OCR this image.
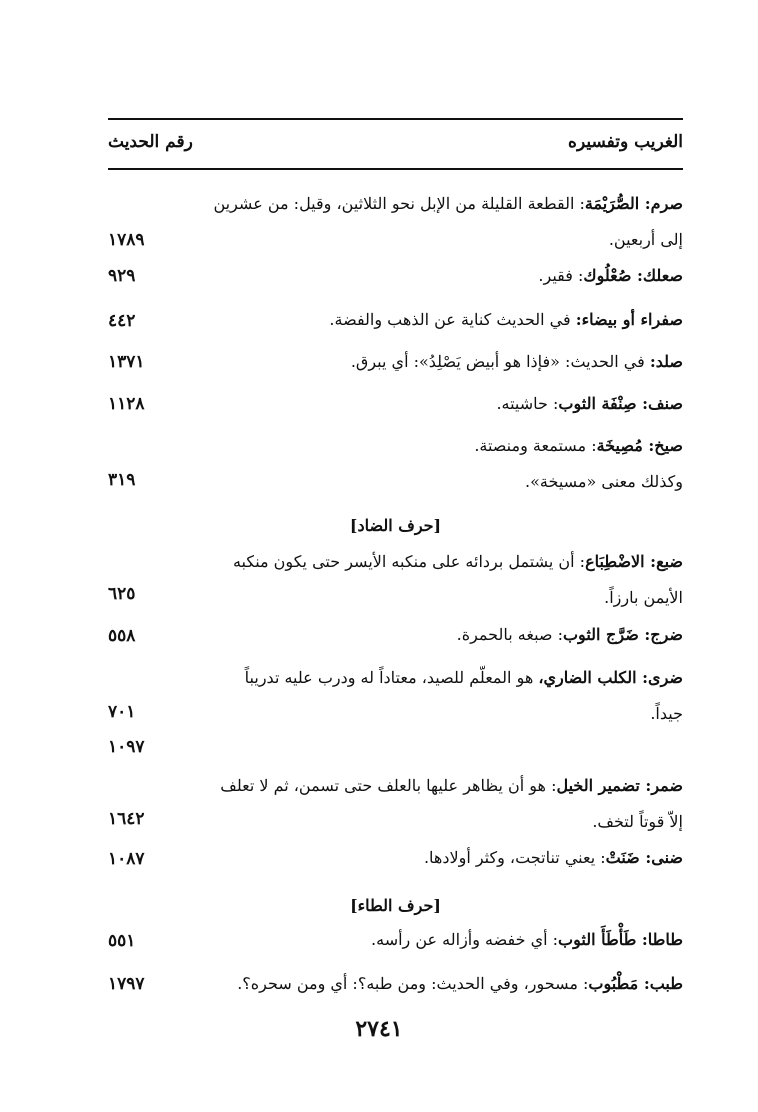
الغريب وتفسيره
رقم الحديث
صرم: الصُّرَيْمَة: القطعة القليلة من الإبل نحو الثلاثين، وقيل: من عشرين
إلى أربعين.
١٧٨٩
صعلك: صُعْلُوك: فقير.
٩٢٩
صفراء أو بيضاء: في الحديث كناية عن الذهب والفضة.
٤٤٢
صلد: في الحديث: «فإذا هو أبيض يَصْلِدُ»: أي يبرق.
١٣٧١
صنف: صِنْفَة الثوب: حاشيته.
١١٢٨
صيخ: مُصِيخَة: مستمعة ومنصتة.
وكذلك معنى «مسيخة».
٣١٩
[حرف الضاد]
ضبع: الاضْطِبَاع: أن يشتمل بردائه على منكبه الأيسر حتى يكون منكبه
الأيمن بارزاً.
٦٢٥
ضرج: ضَرَّج الثوب: صبغه بالحمرة.
٥٥٨
ضرى: الكلب الضاري، هو المعلّم للصيد، معتاداً له ودرب عليه تدريباً
جيداً.
٧٠١
١٠٩٧
ضمر: تضمير الخيل: هو أن يظاهر عليها بالعلف حتى تسمن، ثم لا تعلف
إلاّ قوتاً لتخف.
١٦٤٢
ضنى: ضَنَتْ: يعني تناتجت، وكثر أولادها.
١٠٨٧
[حرف الطاء]
طاطا: طَأْطَأَ الثوب: أي خفضه وأزاله عن رأسه.
٥٥١
طبب: مَطْبُوب: مسحور، وفي الحديث: ومن طبه؟: أي ومن سحره؟.
١٧٩٧
٢٧٤١
